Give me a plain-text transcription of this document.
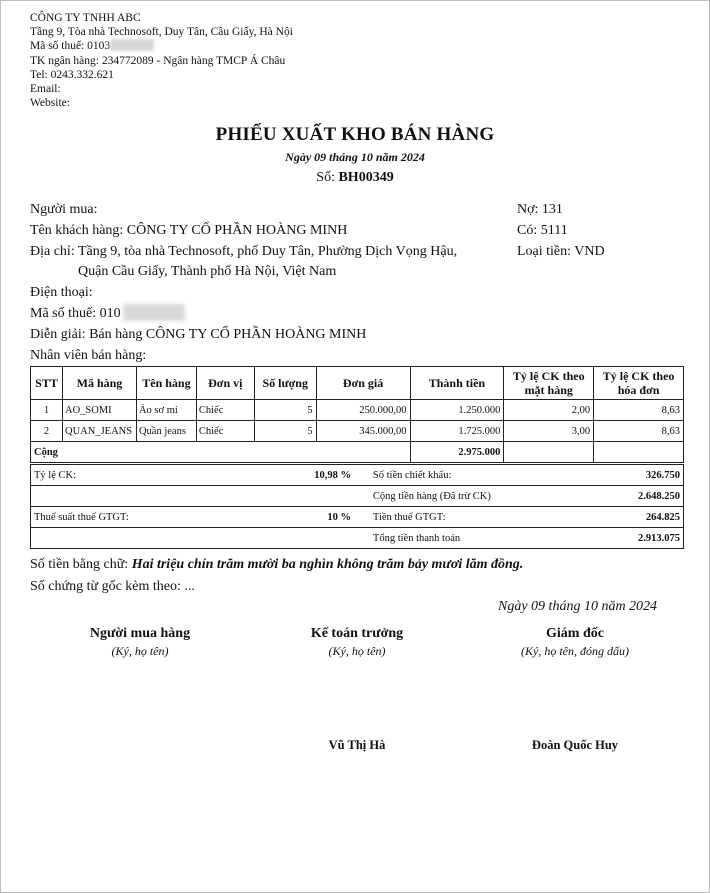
CÔNG TY TNHH ABC
Tầng 9, Tòa nhà Technosoft, Duy Tân, Cầu Giấy, Hà Nội
Mã số thuế: 0103
TK ngân hàng: 234772089 - Ngân hàng TMCP Á Châu
Tel: 0243.332.621
Email:
Website:
PHIẾU XUẤT KHO BÁN HÀNG
Ngày 09 tháng 10 năm 2024
Số: BH00349
Người mua:
Tên khách hàng: CÔNG TY CỔ PHẦN HOÀNG MINH
Địa chỉ: Tầng 9, tòa nhà Technosoft, phố Duy Tân, Phường Dịch Vọng Hậu,
Quận Cầu Giấy, Thành phố Hà Nội, Việt Nam
Điện thoại:
Mã số thuế: 010
Diễn giải: Bán hàng CÔNG TY CỔ PHẦN HOÀNG MINH
Nhân viên bán hàng:
Nợ: 131
Có: 5111
Loại tiền: VND
STT	Mã hàng	Tên hàng	Đơn vị	Số lượng	Đơn giá	Thành tiền	Tỷ lệ CK theo mặt hàng	Tỷ lệ CK theo hóa đơn
1	AO_SOMI	Áo sơ mi	Chiếc	5	250.000,00	1.250.000	2,00	8,63
2	QUAN_JEANS	Quần jeans	Chiếc	5	345.000,00	1.725.000	3,00	8,63
Cộng						2.975.000		
Tỷ lệ CK:	10,98 %		Số tiền chiết khấu:	326.750
			Cộng tiền hàng (Đã trừ CK)	2.648.250
Thuế suất thuế GTGT:	10 %		Tiền thuế GTGT:	264.825
			Tổng tiền thanh toán	2.913.075
Số tiền bằng chữ: Hai triệu chín trăm mười ba nghìn không trăm bảy mươi lăm đồng.
Số chứng từ gốc kèm theo: ...
Ngày 09 tháng 10 năm 2024
Người mua hàng
(Ký, họ tên)
Kế toán trưởng
(Ký, họ tên)
Vũ Thị Hà
Giám đốc
(Ký, họ tên, đóng dấu)
Đoàn Quốc Huy
